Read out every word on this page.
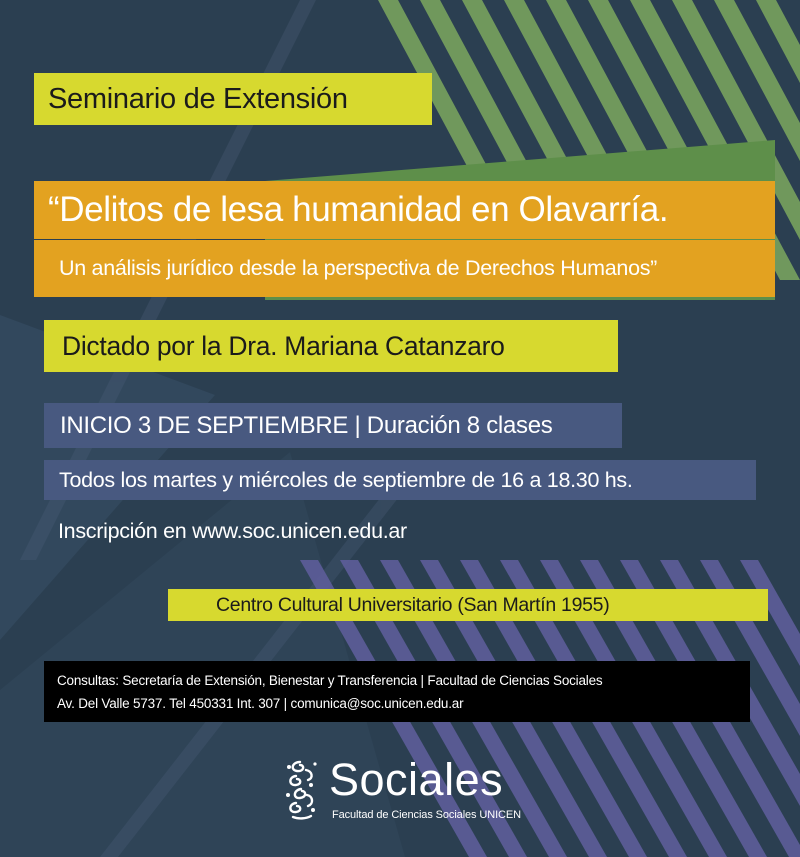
Seminario de Extensión
“Delitos de lesa humanidad en Olavarría.
Un análisis jurídico desde la perspectiva de Derechos Humanos”
Dictado por la Dra. Mariana Catanzaro
INICIO 3 DE SEPTIEMBRE | Duración 8 clases
Todos los martes y miércoles de septiembre de 16 a 18.30 hs.
Inscripción en www.soc.unicen.edu.ar
Centro Cultural Universitario (San Martín 1955)
Consultas: Secretaría de Extensión, Bienestar y Transferencia | Facultad de Ciencias Sociales
Av. Del Valle 5737. Tel 450331 Int. 307 | comunica@soc.unicen.edu.ar
Sociales
Facultad de Ciencias Sociales UNICEN
